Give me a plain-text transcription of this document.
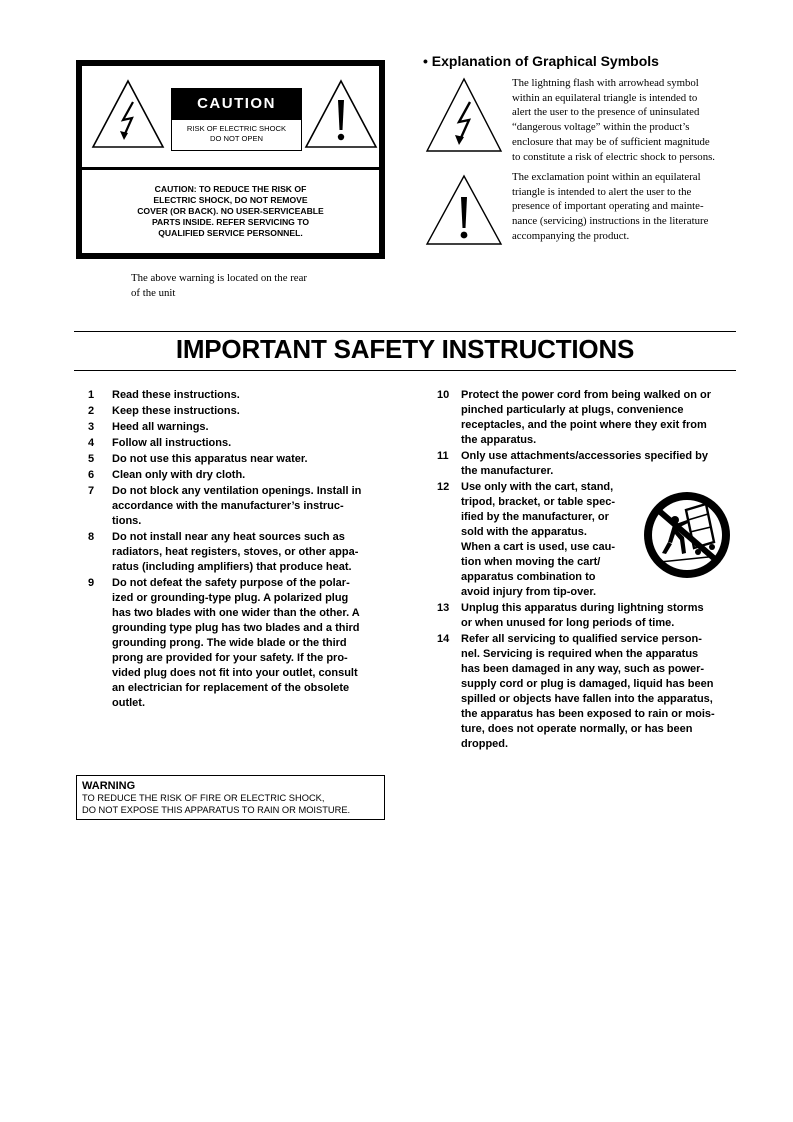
CAUTION
RISK OF ELECTRIC SHOCK
DO NOT OPEN
CAUTION: TO REDUCE THE RISK OF
ELECTRIC SHOCK, DO NOT REMOVE
COVER (OR BACK). NO USER-SERVICEABLE
PARTS INSIDE. REFER SERVICING TO
QUALIFIED SERVICE PERSONNEL.
The above warning is located on the rear
of the unit
• Explanation of Graphical Symbols
The lightning flash with arrowhead symbol
within an equilateral triangle is intended to
alert the user to the presence of uninsulated
“dangerous voltage” within the product’s
enclosure that may be of sufficient magnitude
to constitute a risk of electric shock to persons.
The exclamation point within an equilateral
triangle is intended to alert the user to the
presence of important operating and mainte-
nance (servicing) instructions in the literature
accompanying the product.
IMPORTANT SAFETY INSTRUCTIONS
1 Read these instructions.
2 Keep these instructions.
3 Heed all warnings.
4 Follow all instructions.
5 Do not use this apparatus near water.
6 Clean only with dry cloth.
7 Do not block any ventilation openings. Install in
accordance with the manufacturer’s instruc-
tions.
8 Do not install near any heat sources such as
radiators, heat registers, stoves, or other appa-
ratus (including amplifiers) that produce heat.
9 Do not defeat the safety purpose of the polar-
ized or grounding-type plug. A polarized plug
has two blades with one wider than the other. A
grounding type plug has two blades and a third
grounding prong. The wide blade or the third
prong are provided for your safety. If the pro-
vided plug does not fit into your outlet, consult
an electrician for replacement of the obsolete
outlet.
10 Protect the power cord from being walked on or
pinched particularly at plugs, convenience
receptacles, and the point where they exit from
the apparatus.
11 Only use attachments/accessories specified by
the manufacturer.
12 Use only with the cart, stand,
tripod, bracket, or table spec-
ified by the manufacturer, or
sold with the apparatus.
When a cart is used, use cau-
tion when moving the cart/
apparatus combination to
avoid injury from tip-over.
13 Unplug this apparatus during lightning storms
or when unused for long periods of time.
14 Refer all servicing to qualified service person-
nel. Servicing is required when the apparatus
has been damaged in any way, such as power-
supply cord or plug is damaged, liquid has been
spilled or objects have fallen into the apparatus,
the apparatus has been exposed to rain or mois-
ture, does not operate normally, or has been
dropped.
WARNING
TO REDUCE THE RISK OF FIRE OR ELECTRIC SHOCK,
DO NOT EXPOSE THIS APPARATUS TO RAIN OR MOISTURE.
